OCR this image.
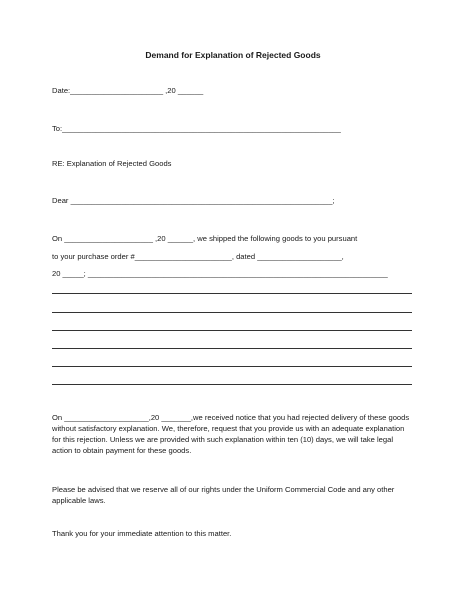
Demand for Explanation of Rejected Goods
Date:______________________ ,20 ______
To:__________________________________________________________________
RE: Explanation of Rejected Goods
Dear ______________________________________________________________;
On _____________________ ,20 ______, we shipped the following goods to you pursuant
to your purchase order #_______________________, dated ____________________,
20 _____; _______________________________________________________________________
On ____________________,20 _______,we received notice that you had rejected delivery of these goods without satisfactory explanation. We, therefore, request that you provide us with an adequate explanation for this rejection. Unless we are provided with such explanation within ten (10) days, we will take legal action to obtain payment for these goods.
Please be advised that we reserve all of our rights under the Uniform Commercial Code and any other applicable laws.
Thank you for your immediate attention to this matter.
